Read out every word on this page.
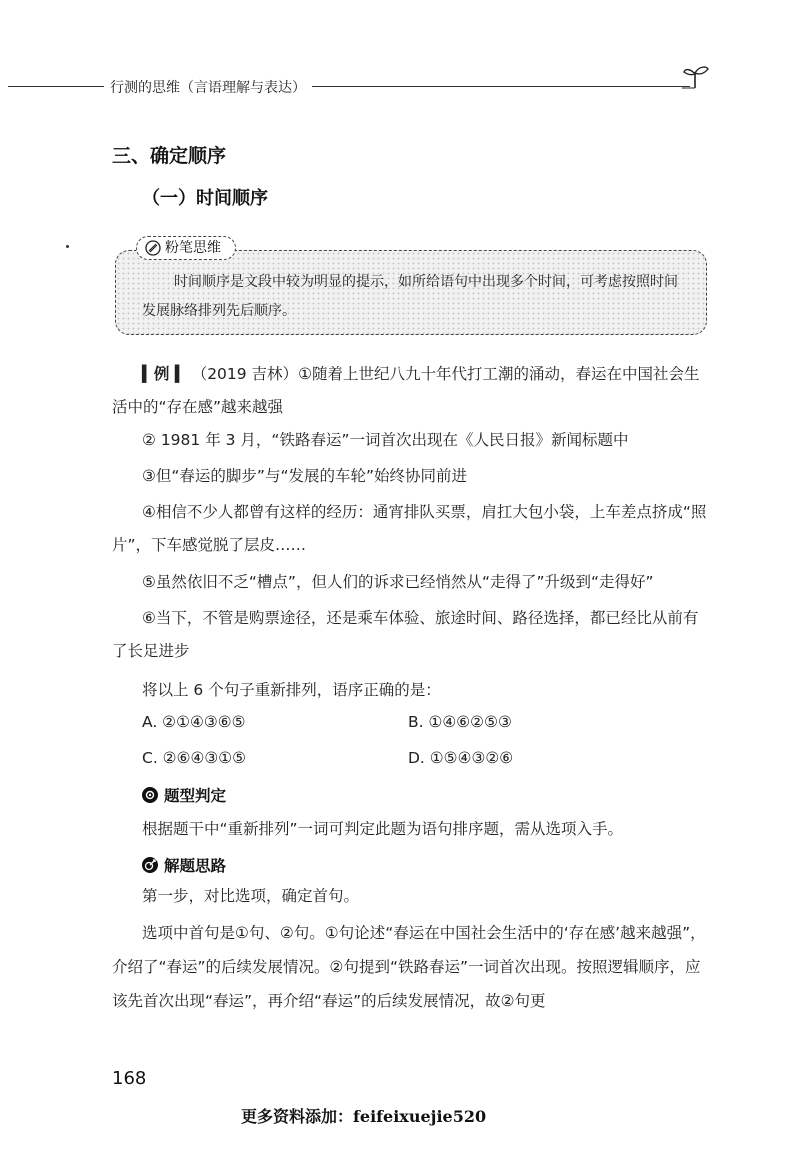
行测的思维（言语理解与表达）
三、确定顺序
（一）时间顺序
粉笔思维
时间顺序是文段中较为明显的提示，如所给语句中出现多个时间，可考虑按照时间发展脉络排列先后顺序。
▍例 ▍ （2019 吉林）①随着上世纪八九十年代打工潮的涌动，春运在中国社会生活中的“存在感”越来越强
② 1981 年 3 月，“铁路春运”一词首次出现在《人民日报》新闻标题中
③但“春运的脚步”与“发展的车轮”始终协同前进
④相信不少人都曾有这样的经历：通宵排队买票，肩扛大包小袋，上车差点挤成“照片”，下车感觉脱了层皮……
⑤虽然依旧不乏“槽点”，但人们的诉求已经悄然从“走得了”升级到“走得好”
⑥当下，不管是购票途径，还是乘车体验、旅途时间、路径选择，都已经比从前有了长足进步
将以上 6 个句子重新排列，语序正确的是：
A. ②①④③⑥⑤	B. ①④⑥②⑤③
C. ②⑥④③①⑤	D. ①⑤④③②⑥
题型判定
根据题干中“重新排列”一词可判定此题为语句排序题，需从选项入手。
解题思路
第一步，对比选项，确定首句。
选项中首句是①句、②句。①句论述“春运在中国社会生活中的‘存在感’越来越强”，介绍了“春运”的后续发展情况。②句提到“铁路春运”一词首次出现。按照逻辑顺序，应该先首次出现“春运”，再介绍“春运”的后续发展情况，故②句更
168
更多资料添加：feifeixuejie520
